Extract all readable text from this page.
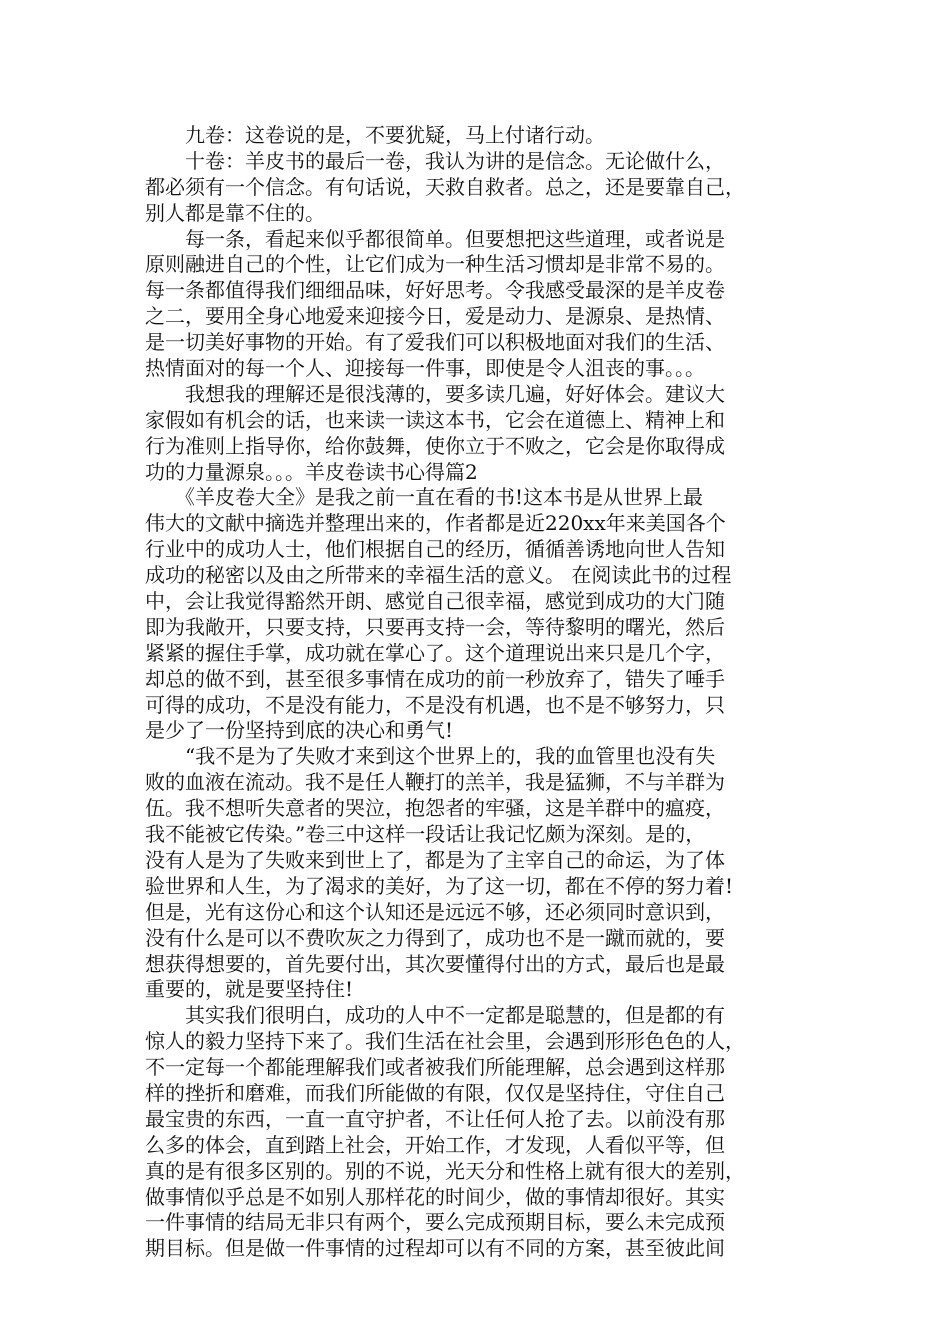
　　九卷：这卷说的是，不要犹疑，马上付诸行动。
　　十卷：羊皮书的最后一卷，我认为讲的是信念。无论做什么，
都必须有一个信念。有句话说，天救自救者。总之，还是要靠自己，
别人都是靠不住的。
　　每一条，看起来似乎都很简单。但要想把这些道理，或者说是
原则融进自己的个性，让它们成为一种生活习惯却是非常不易的。
每一条都值得我们细细品味，好好思考。令我感受最深的是羊皮卷
之二，要用全身心地爱来迎接今日，爱是动力、是源泉、是热情、
是一切美好事物的开始。有了爱我们可以积极地面对我们的生活、
热情面对的每一个人、迎接每一件事，即使是令人沮丧的事。。。
　　我想我的理解还是很浅薄的，要多读几遍，好好体会。建议大
家假如有机会的话，也来读一读这本书，它会在道德上、精神上和
行为准则上指导你，给你鼓舞，使你立于不败之，它会是你取得成
功的力量源泉。。。羊皮卷读书心得篇2
　　《羊皮卷大全》是我之前一直在看的书!这本书是从世界上最
伟大的文献中摘选并整理出来的，作者都是近220xx年来美国各个
行业中的成功人士，他们根据自己的经历，循循善诱地向世人告知
成功的秘密以及由之所带来的幸福生活的意义。 在阅读此书的过程
中，会让我觉得豁然开朗、感觉自己很幸福，感觉到成功的大门随
即为我敞开，只要支持，只要再支持一会，等待黎明的曙光，然后
紧紧的握住手掌，成功就在掌心了。这个道理说出来只是几个字，
却总的做不到，甚至很多事情在成功的前一秒放弃了，错失了唾手
可得的成功，不是没有能力，不是没有机遇，也不是不够努力，只
是少了一份坚持到底的决心和勇气!
　　“我不是为了失败才来到这个世界上的，我的血管里也没有失
败的血液在流动。我不是任人鞭打的羔羊，我是猛狮，不与羊群为
伍。我不想听失意者的哭泣，抱怨者的牢骚，这是羊群中的瘟疫，
我不能被它传染。”卷三中这样一段话让我记忆颇为深刻。是的，
没有人是为了失败来到世上了，都是为了主宰自己的命运，为了体
验世界和人生，为了渴求的美好，为了这一切，都在不停的努力着!
但是，光有这份心和这个认知还是远远不够，还必须同时意识到，
没有什么是可以不费吹灰之力得到了，成功也不是一蹴而就的，要
想获得想要的，首先要付出，其次要懂得付出的方式，最后也是最
重要的，就是要坚持住!
　　其实我们很明白，成功的人中不一定都是聪慧的，但是都的有
惊人的毅力坚持下来了。我们生活在社会里，会遇到形形色色的人，
不一定每一个都能理解我们或者被我们所能理解，总会遇到这样那
样的挫折和磨难，而我们所能做的有限，仅仅是坚持住，守住自己
最宝贵的东西，一直一直守护者，不让任何人抢了去。以前没有那
么多的体会，直到踏上社会，开始工作，才发现，人看似平等，但
真的是有很多区别的。别的不说，光天分和性格上就有很大的差别，
做事情似乎总是不如别人那样花的时间少，做的事情却很好。其实
一件事情的结局无非只有两个，要么完成预期目标，要么未完成预
期目标。但是做一件事情的过程却可以有不同的方案，甚至彼此间
